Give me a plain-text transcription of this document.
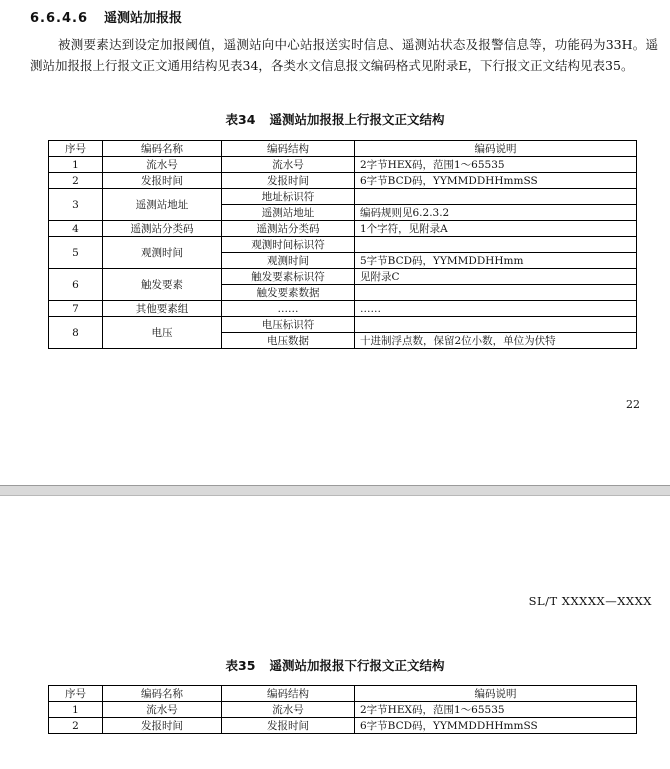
6.6.4.6 遥测站加报报

被测要素达到设定加报阈值，遥测站向中心站报送实时信息、遥测站状态及报警信息等，功能码为33H。遥测站加报报上行报文正文通用结构见表34，各类水文信息报文编码格式见附录E，下行报文正文结构见表35。

表34 遥测站加报报上行报文正文结构
序号	编码名称	编码结构	编码说明
1	流水号	流水号	2字节HEX码，范围1～65535
2	发报时间	发报时间	6字节BCD码，YYMMDDHHmmSS
3	遥测站地址	地址标识符	
		遥测站地址	编码规则见6.2.3.2
4	遥测站分类码	遥测站分类码	1个字符，见附录A
5	观测时间	观测时间标识符	
		观测时间	5字节BCD码，YYMMDDHHmm
6	触发要素	触发要素标识符	见附录C
		触发要素数据	
7	其他要素组	……	……
8	电压	电压标识符	
		电压数据	十进制浮点数，保留2位小数，单位为伏特
22
SL/T XXXXX—XXXX
表35 遥测站加报报下行报文正文结构
序号	编码名称	编码结构	编码说明
1	流水号	流水号	2字节HEX码，范围1～65535
2	发报时间	发报时间	6字节BCD码，YYMMDDHHmmSS
